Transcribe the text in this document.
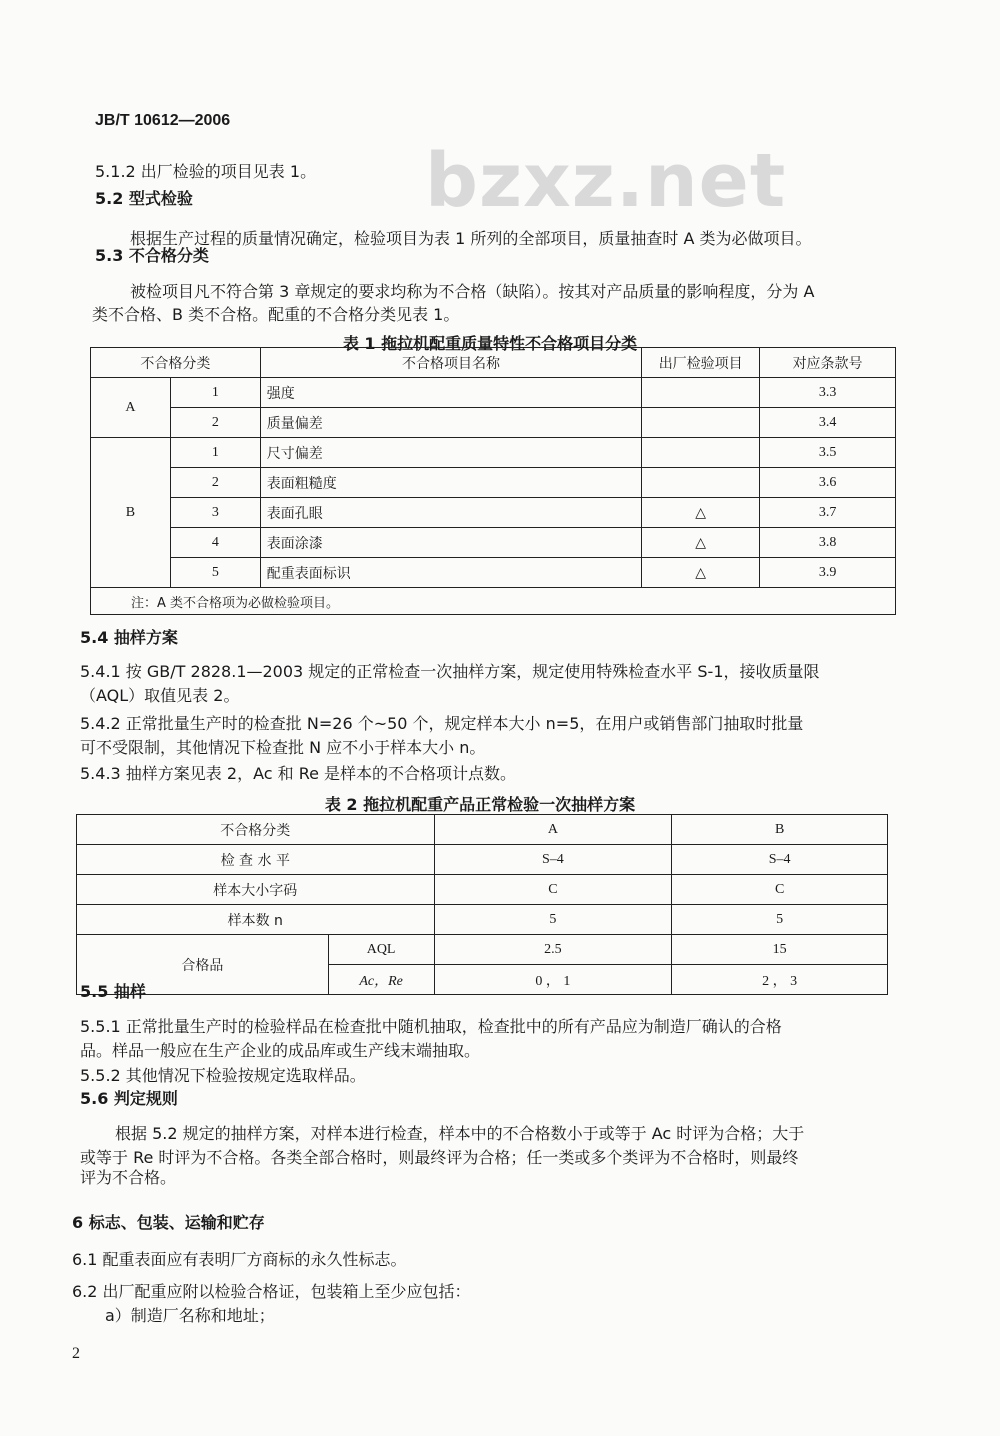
JB/T 10612—2006
bzxz.net
5.1.2 出厂检验的项目见表 1。
5.2 型式检验
根据生产过程的质量情况确定，检验项目为表 1 所列的全部项目，质量抽查时 A 类为必做项目。
5.3 不合格分类
被检项目凡不符合第 3 章规定的要求均称为不合格（缺陷）。按其对产品质量的影响程度，分为 A
类不合格、B 类不合格。配重的不合格分类见表 1。
表 1 拖拉机配重质量特性不合格项目分类
不合格分类		不合格项目名称	出厂检验项目	对应条款号
A	1	强度		3.3
	2	质量偏差		3.4
B	1	尺寸偏差		3.5
	2	表面粗糙度		3.6
	3	表面孔眼	△	3.7
	4	表面涂漆	△	3.8
	5	配重表面标识	△	3.9
注：A 类不合格项为必做检验项目。				
5.4 抽样方案
5.4.1 按 GB/T 2828.1—2003 规定的正常检查一次抽样方案，规定使用特殊检查水平 S-1，接收质量限
（AQL）取值见表 2。
5.4.2 正常批量生产时的检查批 N=26 个~50 个，规定样本大小 n=5，在用户或销售部门抽取时批量
可不受限制，其他情况下检查批 N 应不小于样本大小 n。
5.4.3 抽样方案见表 2，Ac 和 Re 是样本的不合格项计点数。
表 2 拖拉机配重产品正常检验一次抽样方案
不合格分类		A	B
检 查 水 平		S–4	S–4
样本大小字码		C	C
样本数 n		5	5
合格品	AQL	2.5	15
	Ac，Re	0 ， 1	2 ， 3
5.5 抽样
5.5.1 正常批量生产时的检验样品在检查批中随机抽取，检查批中的所有产品应为制造厂确认的合格
品。样品一般应在生产企业的成品库或生产线末端抽取。
5.5.2 其他情况下检验按规定选取样品。
5.6 判定规则
根据 5.2 规定的抽样方案，对样本进行检查，样本中的不合格数小于或等于 Ac 时评为合格；大于
或等于 Re 时评为不合格。各类全部合格时，则最终评为合格；任一类或多个类评为不合格时，则最终
评为不合格。
6 标志、包装、运输和贮存
6.1 配重表面应有表明厂方商标的永久性标志。
6.2 出厂配重应附以检验合格证，包装箱上至少应包括：
a）制造厂名称和地址；
2
